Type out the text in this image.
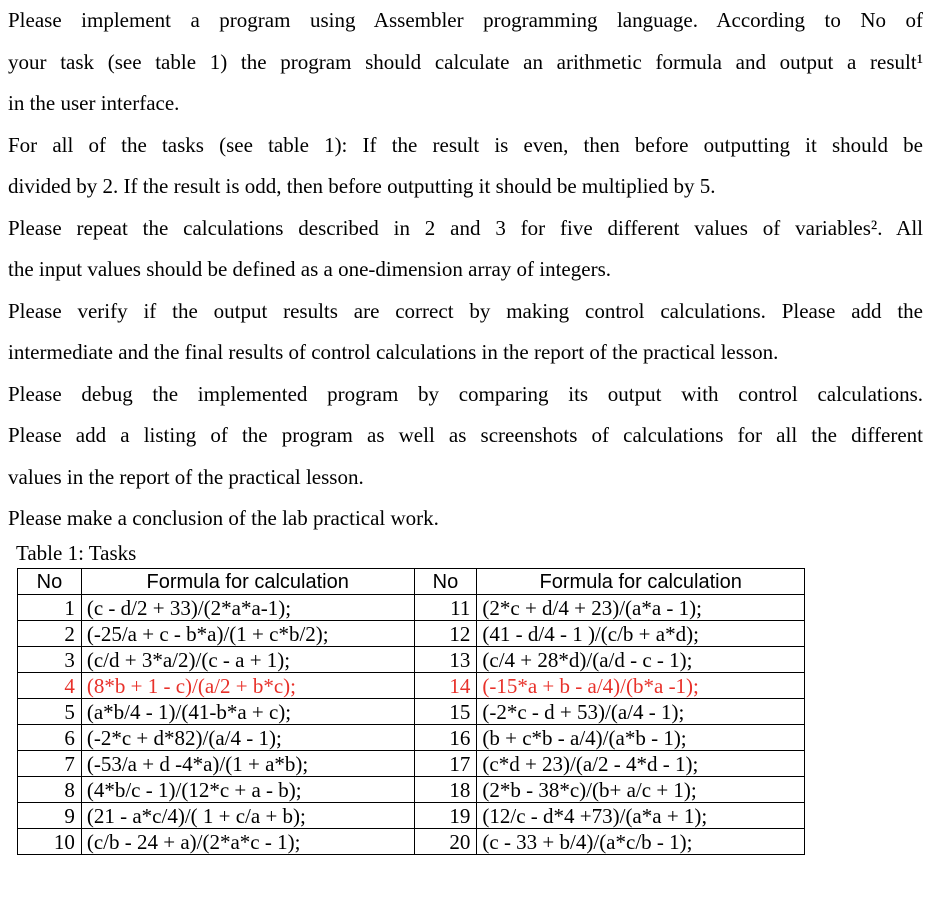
Please implement a program using Assembler programming language. According to No of
your task (see table 1) the program should calculate an arithmetic formula and output a result¹
in the user interface.

For all of the tasks (see table 1): If the result is even, then before outputting it should be
divided by 2. If the result is odd, then before outputting it should be multiplied by 5.

Please repeat the calculations described in 2 and 3 for five different values of variables². All
the input values should be defined as a one-dimension array of integers.

Please verify if the output results are correct by making control calculations. Please add the
intermediate and the final results of control calculations in the report of the practical lesson.

Please debug the implemented program by comparing its output with control calculations.
Please add a listing of the program as well as screenshots of calculations for all the different
values in the report of the practical lesson.

Please make a conclusion of the lab practical work.

Table 1: Tasks
No	Formula for calculation	No	Formula for calculation
1	(c - d/2 + 33)/(2*a*a-1);	11	(2*c + d/4 + 23)/(a*a - 1);
2	(-25/a + c - b*a)/(1 + c*b/2);	12	(41 - d/4 - 1 )/(c/b + a*d);
3	(c/d + 3*a/2)/(c - a + 1);	13	(c/4 + 28*d)/(a/d - c - 1);
4	(8*b + 1 - c)/(a/2 + b*c);	14	(-15*a + b - a/4)/(b*a -1);
5	(a*b/4 - 1)/(41-b*a + c);	15	(-2*c - d + 53)/(a/4 - 1);
6	(-2*c + d*82)/(a/4 - 1);	16	(b + c*b - a/4)/(a*b - 1);
7	(-53/a + d -4*a)/(1 + a*b);	17	(c*d + 23)/(a/2 - 4*d - 1);
8	(4*b/c - 1)/(12*c + a - b);	18	(2*b - 38*c)/(b+ a/c + 1);
9	(21 - a*c/4)/( 1 + c/a + b);	19	(12/c - d*4 +73)/(a*a + 1);
10	(c/b - 24 + a)/(2*a*c - 1);	20	(c - 33 + b/4)/(a*c/b - 1);
